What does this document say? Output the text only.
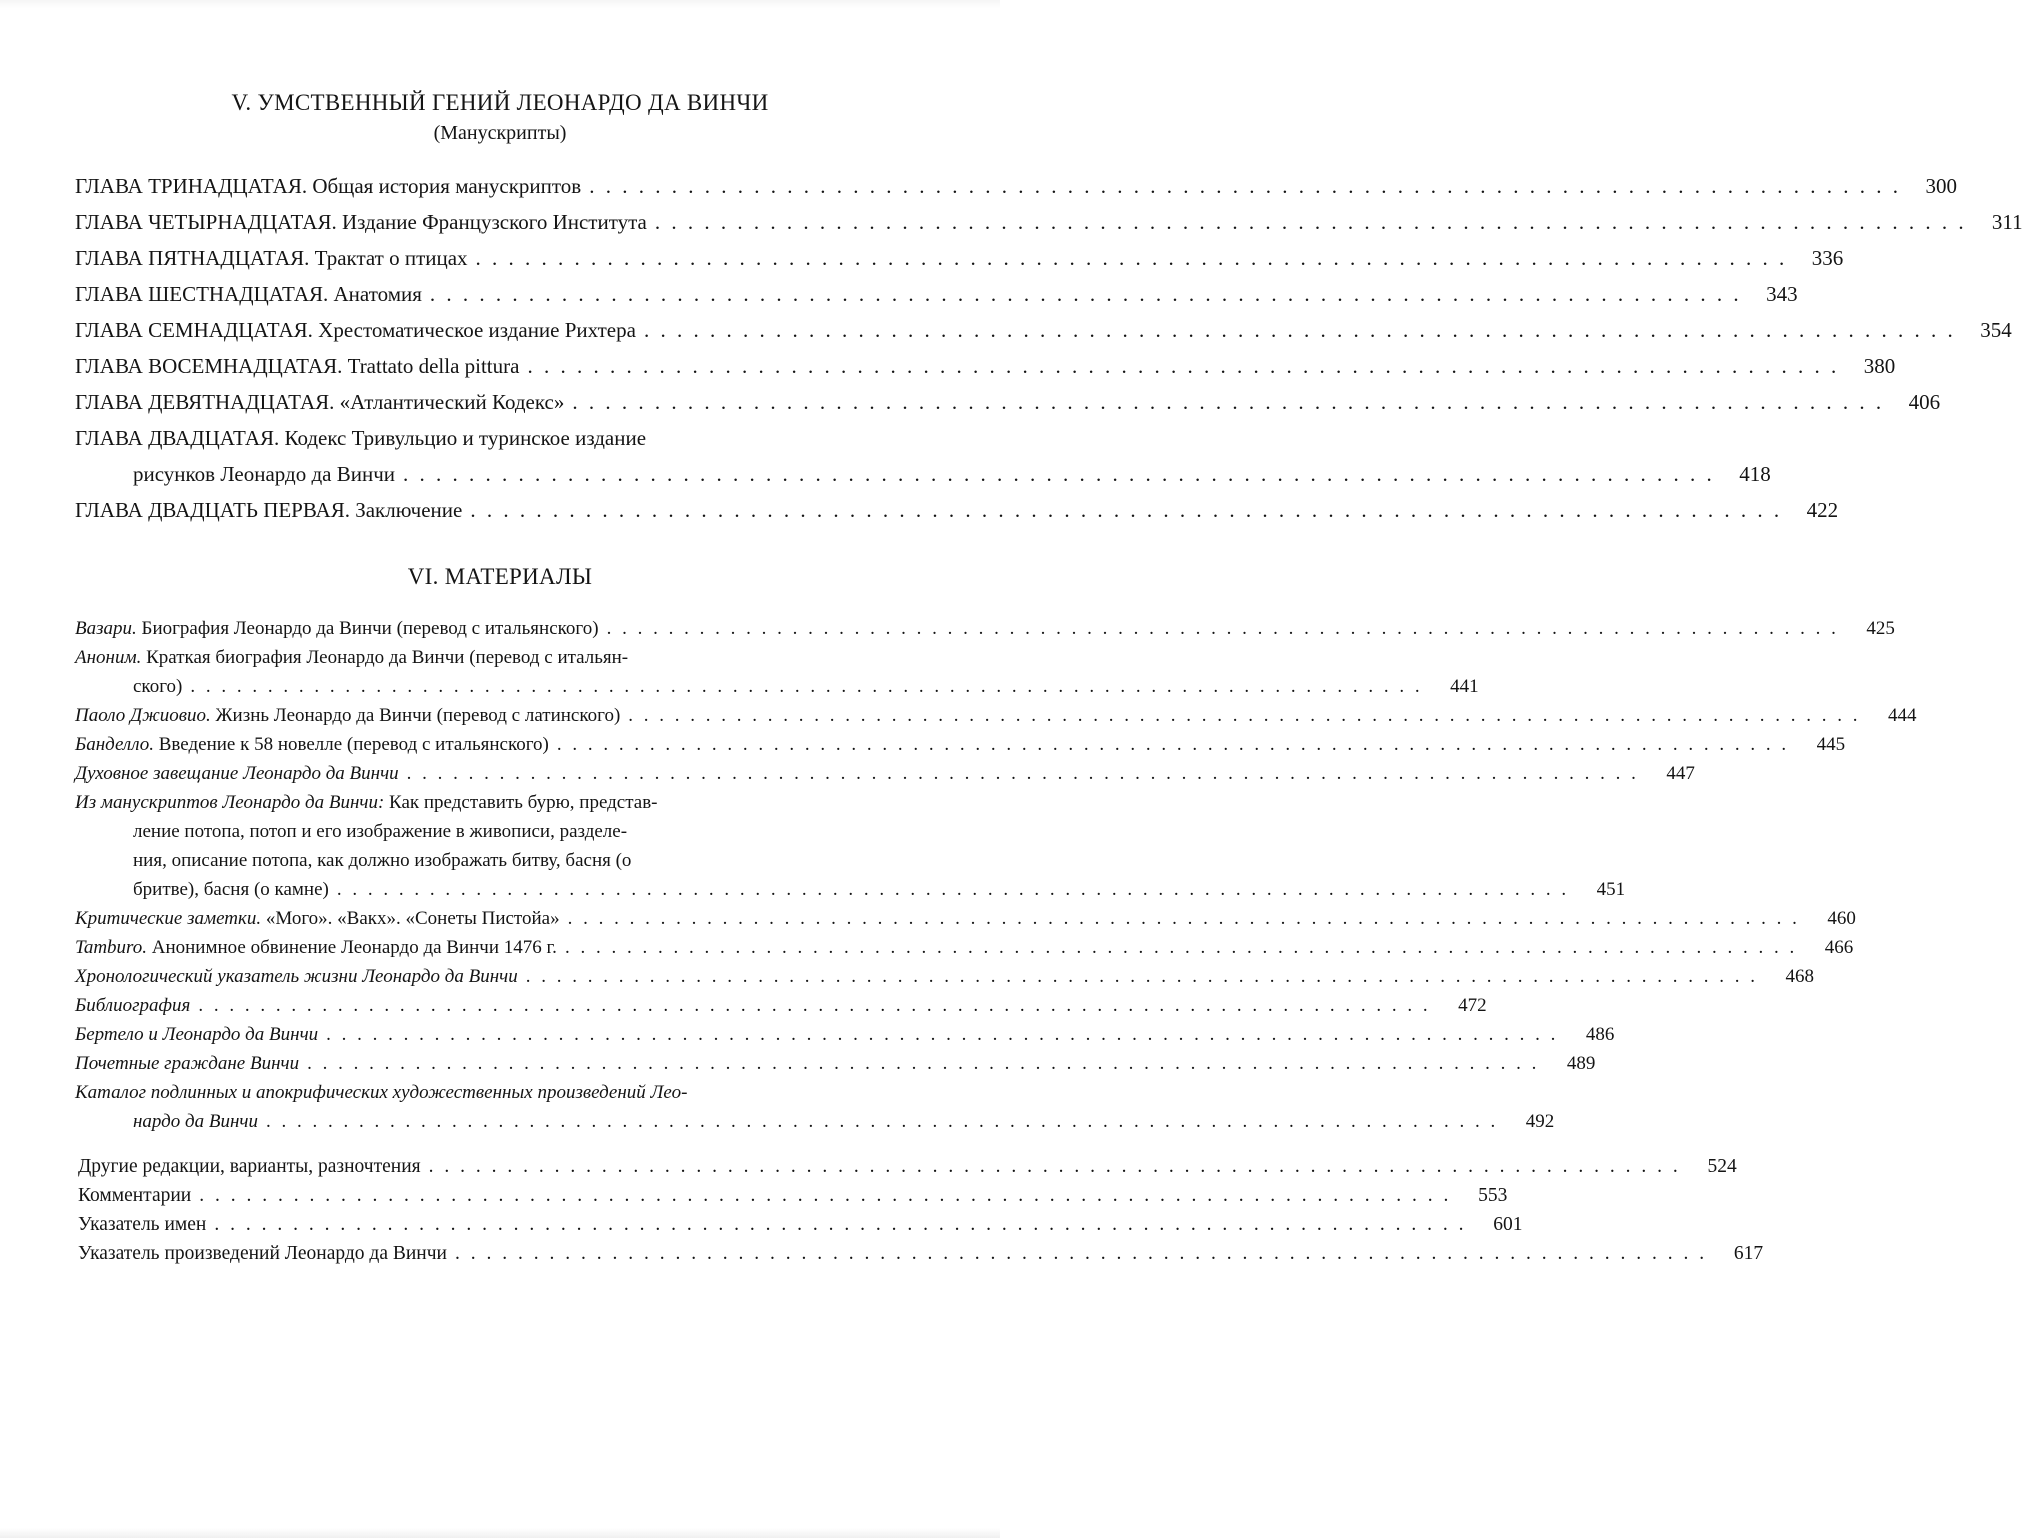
V. УМСТВЕННЫЙ ГЕНИЙ ЛЕОНАРДО ДА ВИНЧИ
(Манускрипты)
ГЛАВА ТРИНАДЦАТАЯ. Общая история манускриптов . . . . . . . . . . . . . . . . . . . . . . . . . . . . . . . . . . . . . . . . . . . . . . . . . . . . . . . . . . . . . . . . . . . . . . . . . . . . . . . .	300
ГЛАВА ЧЕТЫРНАДЦАТАЯ. Издание Французского Института . . . . . . . . . . . . . . . . . . . . . . . . . . . . . . . . . . . . . . . . . . . . . . . . . . . . . . . . . . . . . . . . . . . . . . . . . . . . . . . .	311
ГЛАВА ПЯТНАДЦАТАЯ. Трактат о птицах . . . . . . . . . . . . . . . . . . . . . . . . . . . . . . . . . . . . . . . . . . . . . . . . . . . . . . . . . . . . . . . . . . . . . . . . . . . . . . . .	336
ГЛАВА ШЕСТНАДЦАТАЯ. Анатомия . . . . . . . . . . . . . . . . . . . . . . . . . . . . . . . . . . . . . . . . . . . . . . . . . . . . . . . . . . . . . . . . . . . . . . . . . . . . . . . .	343
ГЛАВА СЕМНАДЦАТАЯ. Хрестоматическое издание Рихтера . . . . . . . . . . . . . . . . . . . . . . . . . . . . . . . . . . . . . . . . . . . . . . . . . . . . . . . . . . . . . . . . . . . . . . . . . . . . . . . .	354
ГЛАВА ВОСЕМНАДЦАТАЯ. Trattato della pittura . . . . . . . . . . . . . . . . . . . . . . . . . . . . . . . . . . . . . . . . . . . . . . . . . . . . . . . . . . . . . . . . . . . . . . . . . . . . . . . .	380
ГЛАВА ДЕВЯТНАДЦАТАЯ. «Атлантический Кодекс» . . . . . . . . . . . . . . . . . . . . . . . . . . . . . . . . . . . . . . . . . . . . . . . . . . . . . . . . . . . . . . . . . . . . . . . . . . . . . . . .	406
ГЛАВА ДВАДЦАТАЯ. Кодекс Тривульцио и туринское издание
рисунков Леонардо да Винчи . . . . . . . . . . . . . . . . . . . . . . . . . . . . . . . . . . . . . . . . . . . . . . . . . . . . . . . . . . . . . . . . . . . . . . . . . . . . . . . .	418
ГЛАВА ДВАДЦАТЬ ПЕРВАЯ. Заключение . . . . . . . . . . . . . . . . . . . . . . . . . . . . . . . . . . . . . . . . . . . . . . . . . . . . . . . . . . . . . . . . . . . . . . . . . . . . . . . .	422
VI. МАТЕРИАЛЫ
Вазари. Биография Леонардо да Винчи (перевод с итальянского) . . . . . . . . . . . . . . . . . . . . . . . . . . . . . . . . . . . . . . . . . . . . . . . . . . . . . . . . . . . . . . . . . . . . . . . . . . . . . . . .	425
Аноним. Краткая биография Леонардо да Винчи (перевод с итальян-
ского) . . . . . . . . . . . . . . . . . . . . . . . . . . . . . . . . . . . . . . . . . . . . . . . . . . . . . . . . . . . . . . . . . . . . . . . . . . . . . . . .	441
Паоло Джиовио. Жизнь Леонардо да Винчи (перевод с латинского) . . . . . . . . . . . . . . . . . . . . . . . . . . . . . . . . . . . . . . . . . . . . . . . . . . . . . . . . . . . . . . . . . . . . . . . . . . . . . . . .	444
Банделло. Введение к 58 новелле (перевод с итальянского) . . . . . . . . . . . . . . . . . . . . . . . . . . . . . . . . . . . . . . . . . . . . . . . . . . . . . . . . . . . . . . . . . . . . . . . . . . . . . . . .	445
Духовное завещание Леонардо да Винчи . . . . . . . . . . . . . . . . . . . . . . . . . . . . . . . . . . . . . . . . . . . . . . . . . . . . . . . . . . . . . . . . . . . . . . . . . . . . . . . .	447
Из манускриптов Леонардо да Винчи: Как представить бурю, представ-
ление потопа, потоп и его изображение в живописи, разделе-
ния, описание потопа, как должно изображать битву, басня (о
бритве), басня (о камне) . . . . . . . . . . . . . . . . . . . . . . . . . . . . . . . . . . . . . . . . . . . . . . . . . . . . . . . . . . . . . . . . . . . . . . . . . . . . . . . .	451
Критические заметки. «Мого». «Вакх». «Сонеты Пистойа» . . . . . . . . . . . . . . . . . . . . . . . . . . . . . . . . . . . . . . . . . . . . . . . . . . . . . . . . . . . . . . . . . . . . . . . . . . . . . . . .	460
Tamburo. Анонимное обвинение Леонардо да Винчи 1476 г. . . . . . . . . . . . . . . . . . . . . . . . . . . . . . . . . . . . . . . . . . . . . . . . . . . . . . . . . . . . . . . . . . . . . . . . . . . . . . . . .	466
Хронологический указатель жизни Леонардо да Винчи . . . . . . . . . . . . . . . . . . . . . . . . . . . . . . . . . . . . . . . . . . . . . . . . . . . . . . . . . . . . . . . . . . . . . . . . . . . . . . . .	468
Библиография . . . . . . . . . . . . . . . . . . . . . . . . . . . . . . . . . . . . . . . . . . . . . . . . . . . . . . . . . . . . . . . . . . . . . . . . . . . . . . . .	472
Бертело и Леонардо да Винчи . . . . . . . . . . . . . . . . . . . . . . . . . . . . . . . . . . . . . . . . . . . . . . . . . . . . . . . . . . . . . . . . . . . . . . . . . . . . . . . .	486
Почетные граждане Винчи . . . . . . . . . . . . . . . . . . . . . . . . . . . . . . . . . . . . . . . . . . . . . . . . . . . . . . . . . . . . . . . . . . . . . . . . . . . . . . . .	489
Каталог подлинных и апокрифических художественных произведений Лео-
нардо да Винчи . . . . . . . . . . . . . . . . . . . . . . . . . . . . . . . . . . . . . . . . . . . . . . . . . . . . . . . . . . . . . . . . . . . . . . . . . . . . . . . .	492
Другие редакции, варианты, разночтения . . . . . . . . . . . . . . . . . . . . . . . . . . . . . . . . . . . . . . . . . . . . . . . . . . . . . . . . . . . . . . . . . . . . . . . . . . . . . . . .	524
Комментарии . . . . . . . . . . . . . . . . . . . . . . . . . . . . . . . . . . . . . . . . . . . . . . . . . . . . . . . . . . . . . . . . . . . . . . . . . . . . . . . .	553
Указатель имен . . . . . . . . . . . . . . . . . . . . . . . . . . . . . . . . . . . . . . . . . . . . . . . . . . . . . . . . . . . . . . . . . . . . . . . . . . . . . . . .	601
Указатель произведений Леонардо да Винчи . . . . . . . . . . . . . . . . . . . . . . . . . . . . . . . . . . . . . . . . . . . . . . . . . . . . . . . . . . . . . . . . . . . . . . . . . . . . . . . .	617
